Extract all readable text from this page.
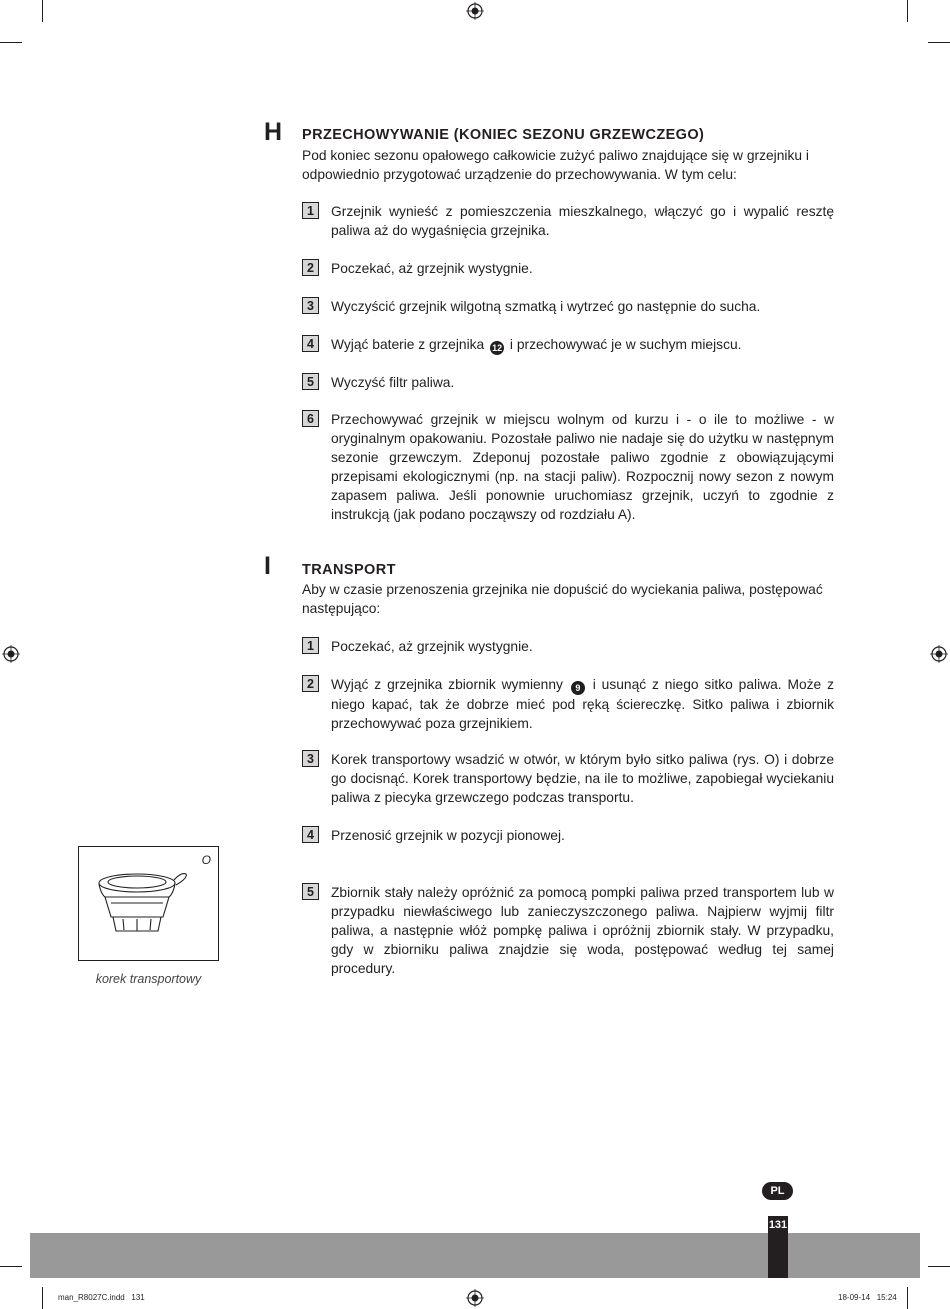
H PRZECHOWYWANIE (KONIEC SEZONU GRZEWCZEGO)
Pod koniec sezonu opałowego całkowicie zużyć paliwo znajdujące się w grzejniku i odpowiednio przygotować urządzenie do przechowywania. W tym celu:
1	Grzejnik wynieść z pomieszczenia mieszkalnego, włączyć go i wypalić resztę paliwa aż do wygaśnięcia grzejnika.
2	Poczekać, aż grzejnik wystygnie.
3	Wyczyścić grzejnik wilgotną szmatką i wytrzeć go następnie do sucha.
4	Wyjąć baterie z grzejnika 12 i przechowywać je w suchym miejscu.
5	Wyczyść filtr paliwa.
6	Przechowywać grzejnik w miejscu wolnym od kurzu i - o ile to możliwe - w oryginalnym opakowaniu. Pozostałe paliwo nie nadaje się do użytku w następnym sezonie grzewczym. Zdeponuj pozostałe paliwo zgodnie z obowiązującymi przepisami ekologicznymi (np. na stacji paliw). Rozpocznij nowy sezon z nowym zapasem paliwa. Jeśli ponownie uruchomiasz grzejnik, uczyń to zgodnie z instrukcją (jak podano począwszy od rozdziału A).
I TRANSPORT
Aby w czasie przenoszenia grzejnika nie dopuścić do wyciekania paliwa, postępować następująco:
1	Poczekać, aż grzejnik wystygnie.
2	Wyjąć z grzejnika zbiornik wymienny 9 i usunąć z niego sitko paliwa. Może z niego kapać, tak że dobrze mieć pod ręką ściereczkę. Sitko paliwa i zbiornik przechowywać poza grzejnikiem.
3	Korek transportowy wsadzić w otwór, w którym było sitko paliwa (rys. O) i dobrze go docisnąć. Korek transportowy będzie, na ile to możliwe, zapobiegał wyciekaniu paliwa z piecyka grzewczego podczas transportu.
4	Przenosić grzejnik w pozycji pionowej.
5	Zbiornik stały należy opróżnić za pomocą pompki paliwa przed transportem lub w przypadku niewłaściwego lub zanieczyszczonego paliwa. Najpierw wyjmij filtr paliwa, a następnie włóż pompkę paliwa i opróżnij zbiornik stały. W przypadku, gdy w zbiorniku paliwa znajdzie się woda, postępować według tej samej procedury.
O
korek transportowy
PL
131
man_R8027C.indd   131	18-09-14   15:24
